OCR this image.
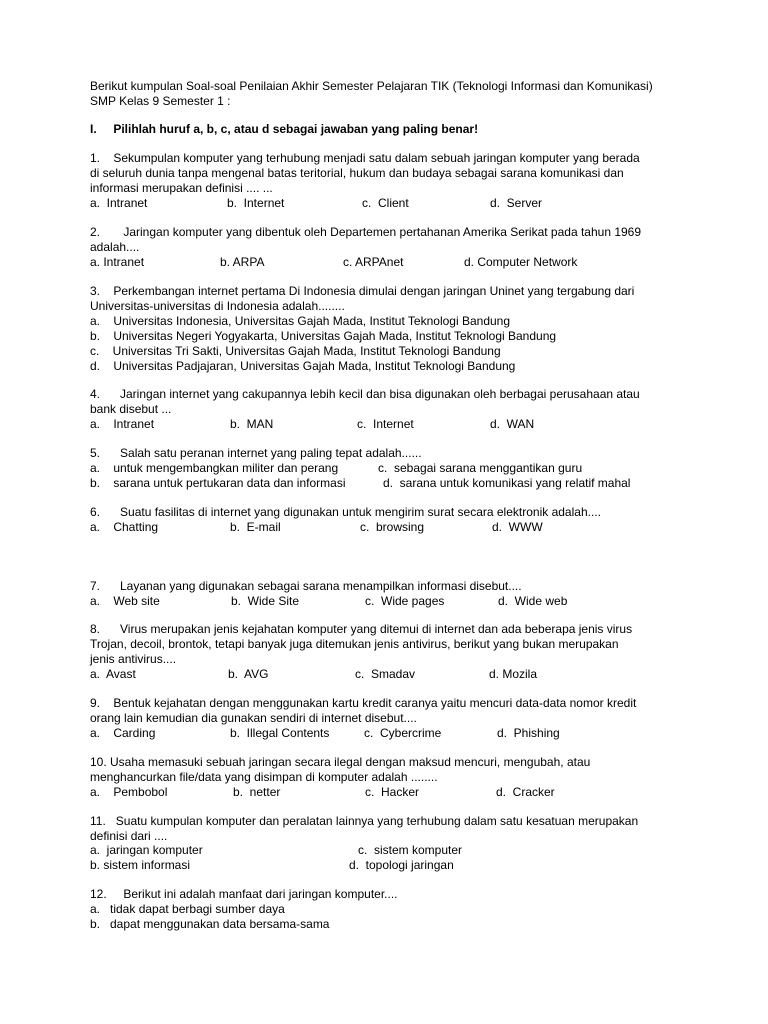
Berikut kumpulan Soal-soal Penilaian Akhir Semester Pelajaran TIK (Teknologi Informasi dan Komunikasi)
SMP Kelas 9 Semester 1 :
I.     Pilihlah huruf a, b, c, atau d sebagai jawaban yang paling benar!
1.    Sekumpulan komputer yang terhubung menjadi satu dalam sebuah jaringan komputer yang berada
di seluruh dunia tanpa mengenal batas teritorial, hukum dan budaya sebagai sarana komunikasi dan
informasi merupakan definisi .... ...

a.  Intranet

	b.  Internet

	c.  Client

	d.  Server

2.       Jaringan komputer yang dibentuk oleh Departemen pertahanan Amerika Serikat pada tahun 1969
adalah....

a. Intranet

	b. ARPA

	c. ARPAnet

	d. Computer Network

3.    Perkembangan internet pertama Di Indonesia dimulai dengan jaringan Uninet yang tergabung dari
Universitas-universitas di Indonesia adalah........
a.    Universitas Indonesia, Universitas Gajah Mada, Institut Teknologi Bandung
b.    Universitas Negeri Yogyakarta, Universitas Gajah Mada, Institut Teknologi Bandung
c.    Universitas Tri Sakti, Universitas Gajah Mada, Institut Teknologi Bandung
d.    Universitas Padjajaran, Universitas Gajah Mada, Institut Teknologi Bandung
4.      Jaringan internet yang cakupannya lebih kecil dan bisa digunakan oleh berbagai perusahaan atau
bank disebut ...

a.    Intranet

	b.  MAN

	c.  Internet

	d.  WAN

5.      Salah satu peranan internet yang paling tepat adalah......

a.    untuk mengembangkan militer dan perang

	c.  sebagai sarana menggantikan guru

b.    sarana untuk pertukaran data dan informasi

	d.  sarana untuk komunikasi yang relatif mahal

6.      Suatu fasilitas di internet yang digunakan untuk mengirim surat secara elektronik adalah....

a.    Chatting

	b.  E-mail

	c.  browsing

	d.  WWW

7.      Layanan yang digunakan sebagai sarana menampilkan informasi disebut....

a.    Web site

	b.  Wide Site

	c.  Wide pages

	d.  Wide web

8.      Virus merupakan jenis kejahatan komputer yang ditemui di internet dan ada beberapa jenis virus
Trojan, decoil, brontok, tetapi banyak juga ditemukan jenis antivirus, berikut yang bukan merupakan
jenis antivirus....

a.  Avast

	b.  AVG

	c.  Smadav

	d. Mozila

9.    Bentuk kejahatan dengan menggunakan kartu kredit caranya yaitu mencuri data-data nomor kredit
orang lain kemudian dia gunakan sendiri di internet disebut....

a.    Carding

	b.  Illegal Contents

	c.  Cybercrime

	d.  Phishing

10. Usaha memasuki sebuah jaringan secara ilegal dengan maksud mencuri, mengubah, atau
menghancurkan file/data yang disimpan di komputer adalah ........

a.    Pembobol

	b.  netter

	c.  Hacker

	d.  Cracker

11.   Suatu kumpulan komputer dan peralatan lainnya yang terhubung dalam satu kesatuan merupakan
definisi dari ....

a.  jaringan komputer

	c.  sistem komputer

b. sistem informasi

	d.  topologi jaringan

12.     Berikut ini adalah manfaat dari jaringan komputer....
a.   tidak dapat berbagi sumber daya
b.   dapat menggunakan data bersama-sama
